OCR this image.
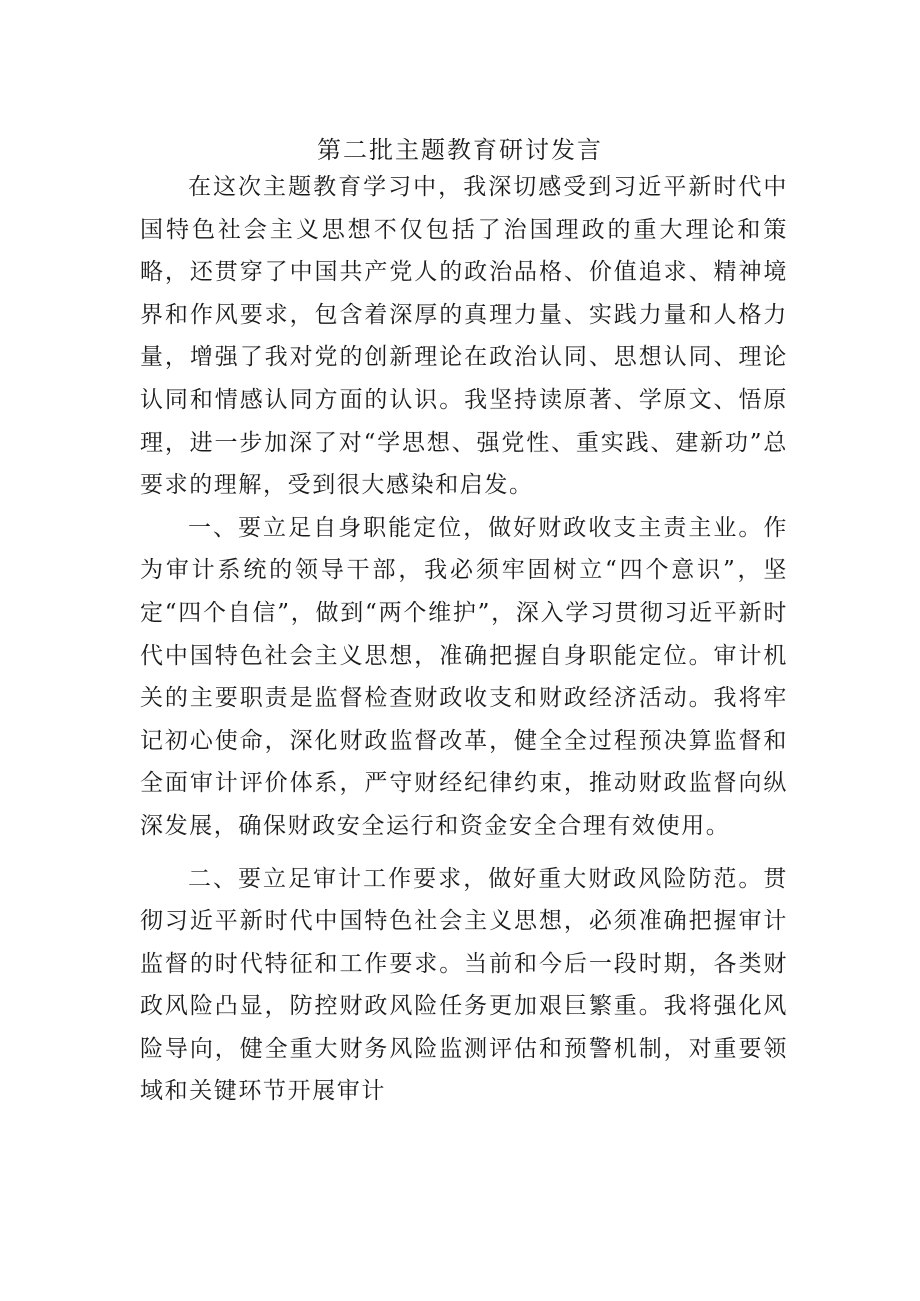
第二批主题教育研讨发言

在这次主题教育学习中，我深切感受到习近平新时代中国特色社会主义思想不仅包括了治国理政的重大理论和策略，还贯穿了中国共产党人的政治品格、价值追求、精神境界和作风要求，包含着深厚的真理力量、实践力量和人格力量，增强了我对党的创新理论在政治认同、思想认同、理论认同和情感认同方面的认识。我坚持读原著、学原文、悟原理，进一步加深了对“学思想、强党性、重实践、建新功”总要求的理解，受到很大感染和启发。

一、要立足自身职能定位，做好财政收支主责主业。作为审计系统的领导干部，我必须牢固树立“四个意识”，坚定“四个自信”，做到“两个维护”，深入学习贯彻习近平新时代中国特色社会主义思想，准确把握自身职能定位。审计机关的主要职责是监督检查财政收支和财政经济活动。我将牢记初心使命，深化财政监督改革，健全全过程预决算监督和全面审计评价体系，严守财经纪律约束，推动财政监督向纵深发展，确保财政安全运行和资金安全合理有效使用。

二、要立足审计工作要求，做好重大财政风险防范。贯彻习近平新时代中国特色社会主义思想，必须准确把握审计监督的时代特征和工作要求。当前和今后一段时期，各类财政风险凸显，防控财政风险任务更加艰巨繁重。我将强化风险导向，健全重大财务风险监测评估和预警机制，对重要领域和关键环节开展审计
